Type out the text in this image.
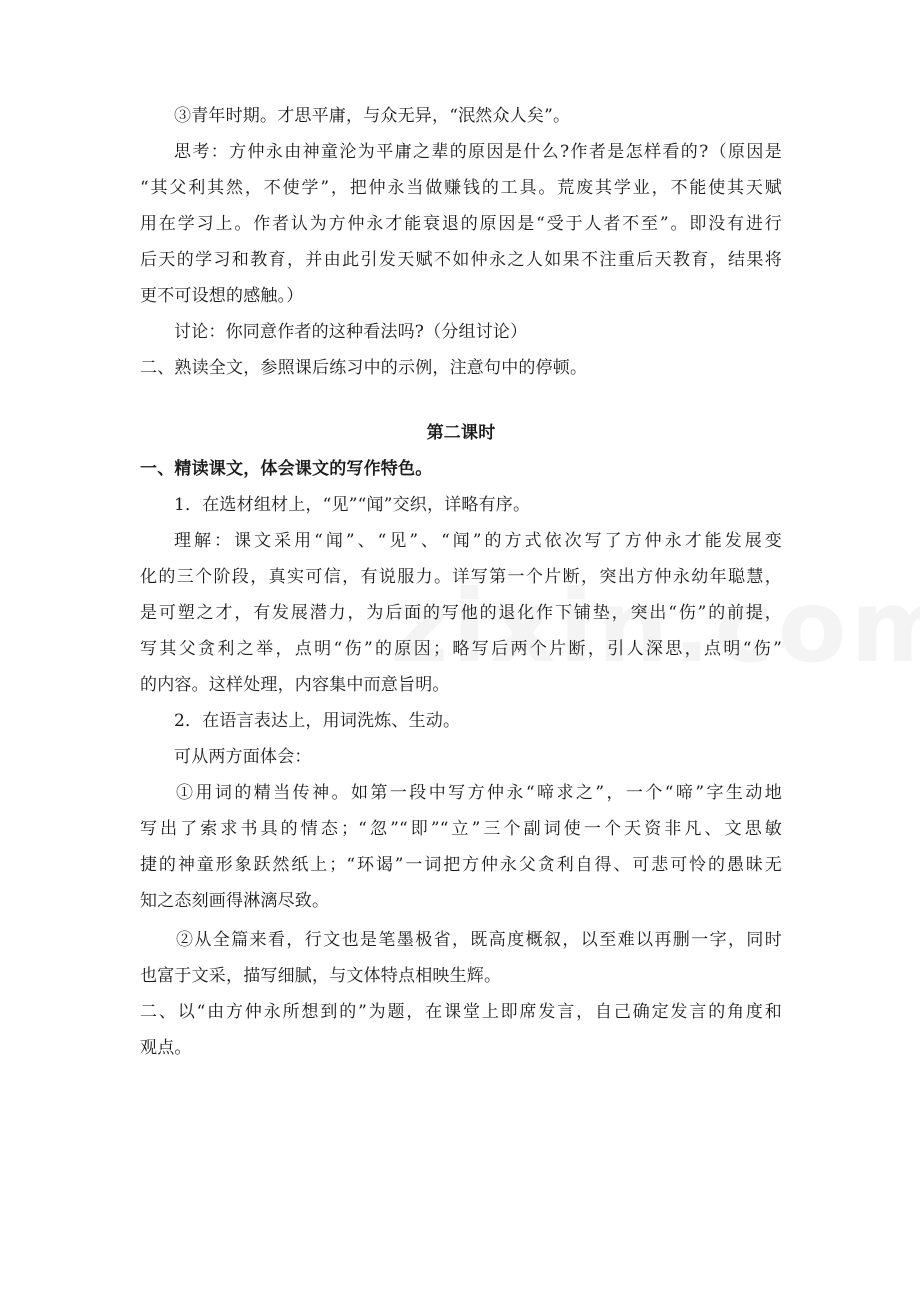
③青年时期。才思平庸，与众无异，“泯然众人矣”。
思考：方仲永由神童沦为平庸之辈的原因是什么?作者是怎样看的?（原因是
“其父利其然，不使学”，把仲永当做赚钱的工具。荒废其学业，不能使其天赋
用在学习上。作者认为方仲永才能衰退的原因是“受于人者不至”。即没有进行
后天的学习和教育，并由此引发天赋不如仲永之人如果不注重后天教育，结果将
更不可设想的感触。）
讨论：你同意作者的这种看法吗?（分组讨论）
二、熟读全文，参照课后练习中的示例，注意句中的停顿。
第二课时
一、精读课文，体会课文的写作特色。
1．在选材组材上，“见”“闻”交织，详略有序。
理解：课文采用“闻”、“见”、“闻”的方式依次写了方仲永才能发展变
化的三个阶段，真实可信，有说服力。详写第一个片断，突出方仲永幼年聪慧，
是可塑之才，有发展潜力，为后面的写他的退化作下铺垫，突出“伤”的前提，
写其父贪利之举，点明“伤”的原因；略写后两个片断，引人深思，点明“伤”
的内容。这样处理，内容集中而意旨明。
2．在语言表达上，用词洗炼、生动。
可从两方面体会：
①用词的精当传神。如第一段中写方仲永“啼求之”，一个“啼”字生动地
写出了索求书具的情态；“忽”“即”“立”三个副词使一个天资非凡、文思敏
捷的神童形象跃然纸上；“环谒”一词把方仲永父贪利自得、可悲可怜的愚昧无
知之态刻画得淋漓尽致。
②从全篇来看，行文也是笔墨极省，既高度概叙，以至难以再删一字，同时
也富于文采，描写细腻，与文体特点相映生辉。
二、以“由方仲永所想到的”为题，在课堂上即席发言，自己确定发言的角度和
观点。
